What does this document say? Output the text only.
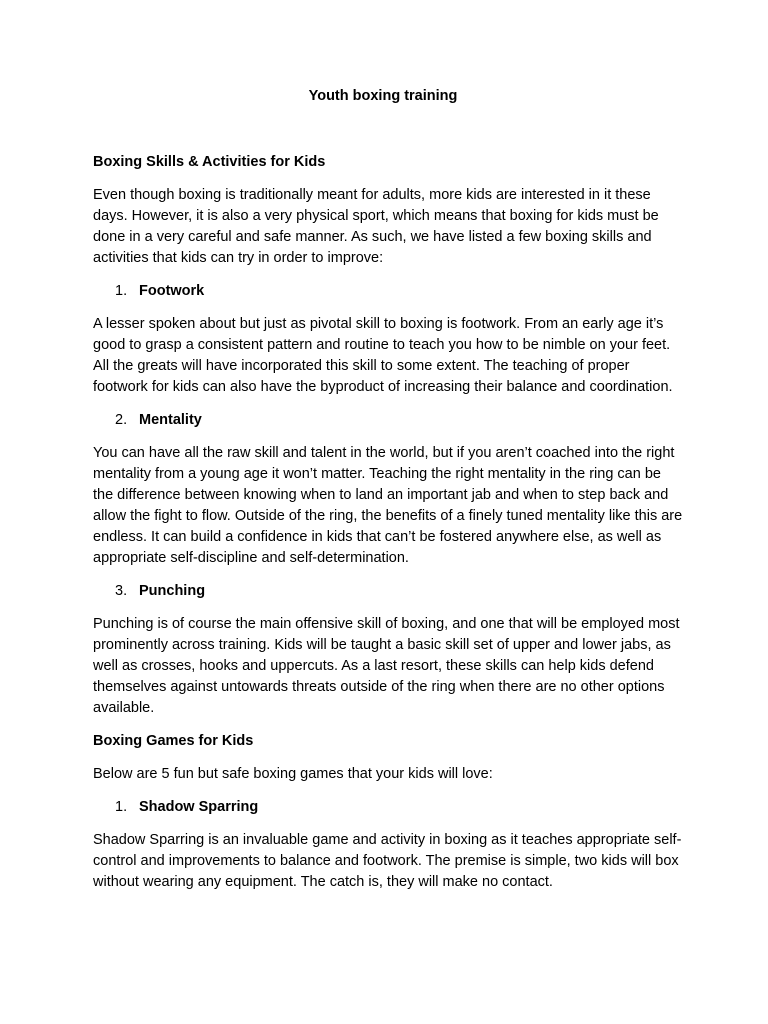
Youth boxing training

Boxing Skills & Activities for Kids

Even though boxing is traditionally meant for adults, more kids are interested in it these days. However, it is also a very physical sport, which means that boxing for kids must be done in a very careful and safe manner. As such, we have listed a few boxing skills and activities that kids can try in order to improve:

1. Footwork

A lesser spoken about but just as pivotal skill to boxing is footwork. From an early age it’s good to grasp a consistent pattern and routine to teach you how to be nimble on your feet. All the greats will have incorporated this skill to some extent. The teaching of proper footwork for kids can also have the byproduct of increasing their balance and coordination.

2. Mentality

You can have all the raw skill and talent in the world, but if you aren’t coached into the right mentality from a young age it won’t matter. Teaching the right mentality in the ring can be the difference between knowing when to land an important jab and when to step back and allow the fight to flow. Outside of the ring, the benefits of a finely tuned mentality like this are endless. It can build a confidence in kids that can’t be fostered anywhere else, as well as appropriate self-discipline and self-determination.

3. Punching

Punching is of course the main offensive skill of boxing, and one that will be employed most prominently across training. Kids will be taught a basic skill set of upper and lower jabs, as well as crosses, hooks and uppercuts. As a last resort, these skills can help kids defend themselves against untowards threats outside of the ring when there are no other options available.

Boxing Games for Kids

Below are 5 fun but safe boxing games that your kids will love:

1. Shadow Sparring

Shadow Sparring is an invaluable game and activity in boxing as it teaches appropriate self-control and improvements to balance and footwork. The premise is simple, two kids will box without wearing any equipment. The catch is, they will make no contact.
